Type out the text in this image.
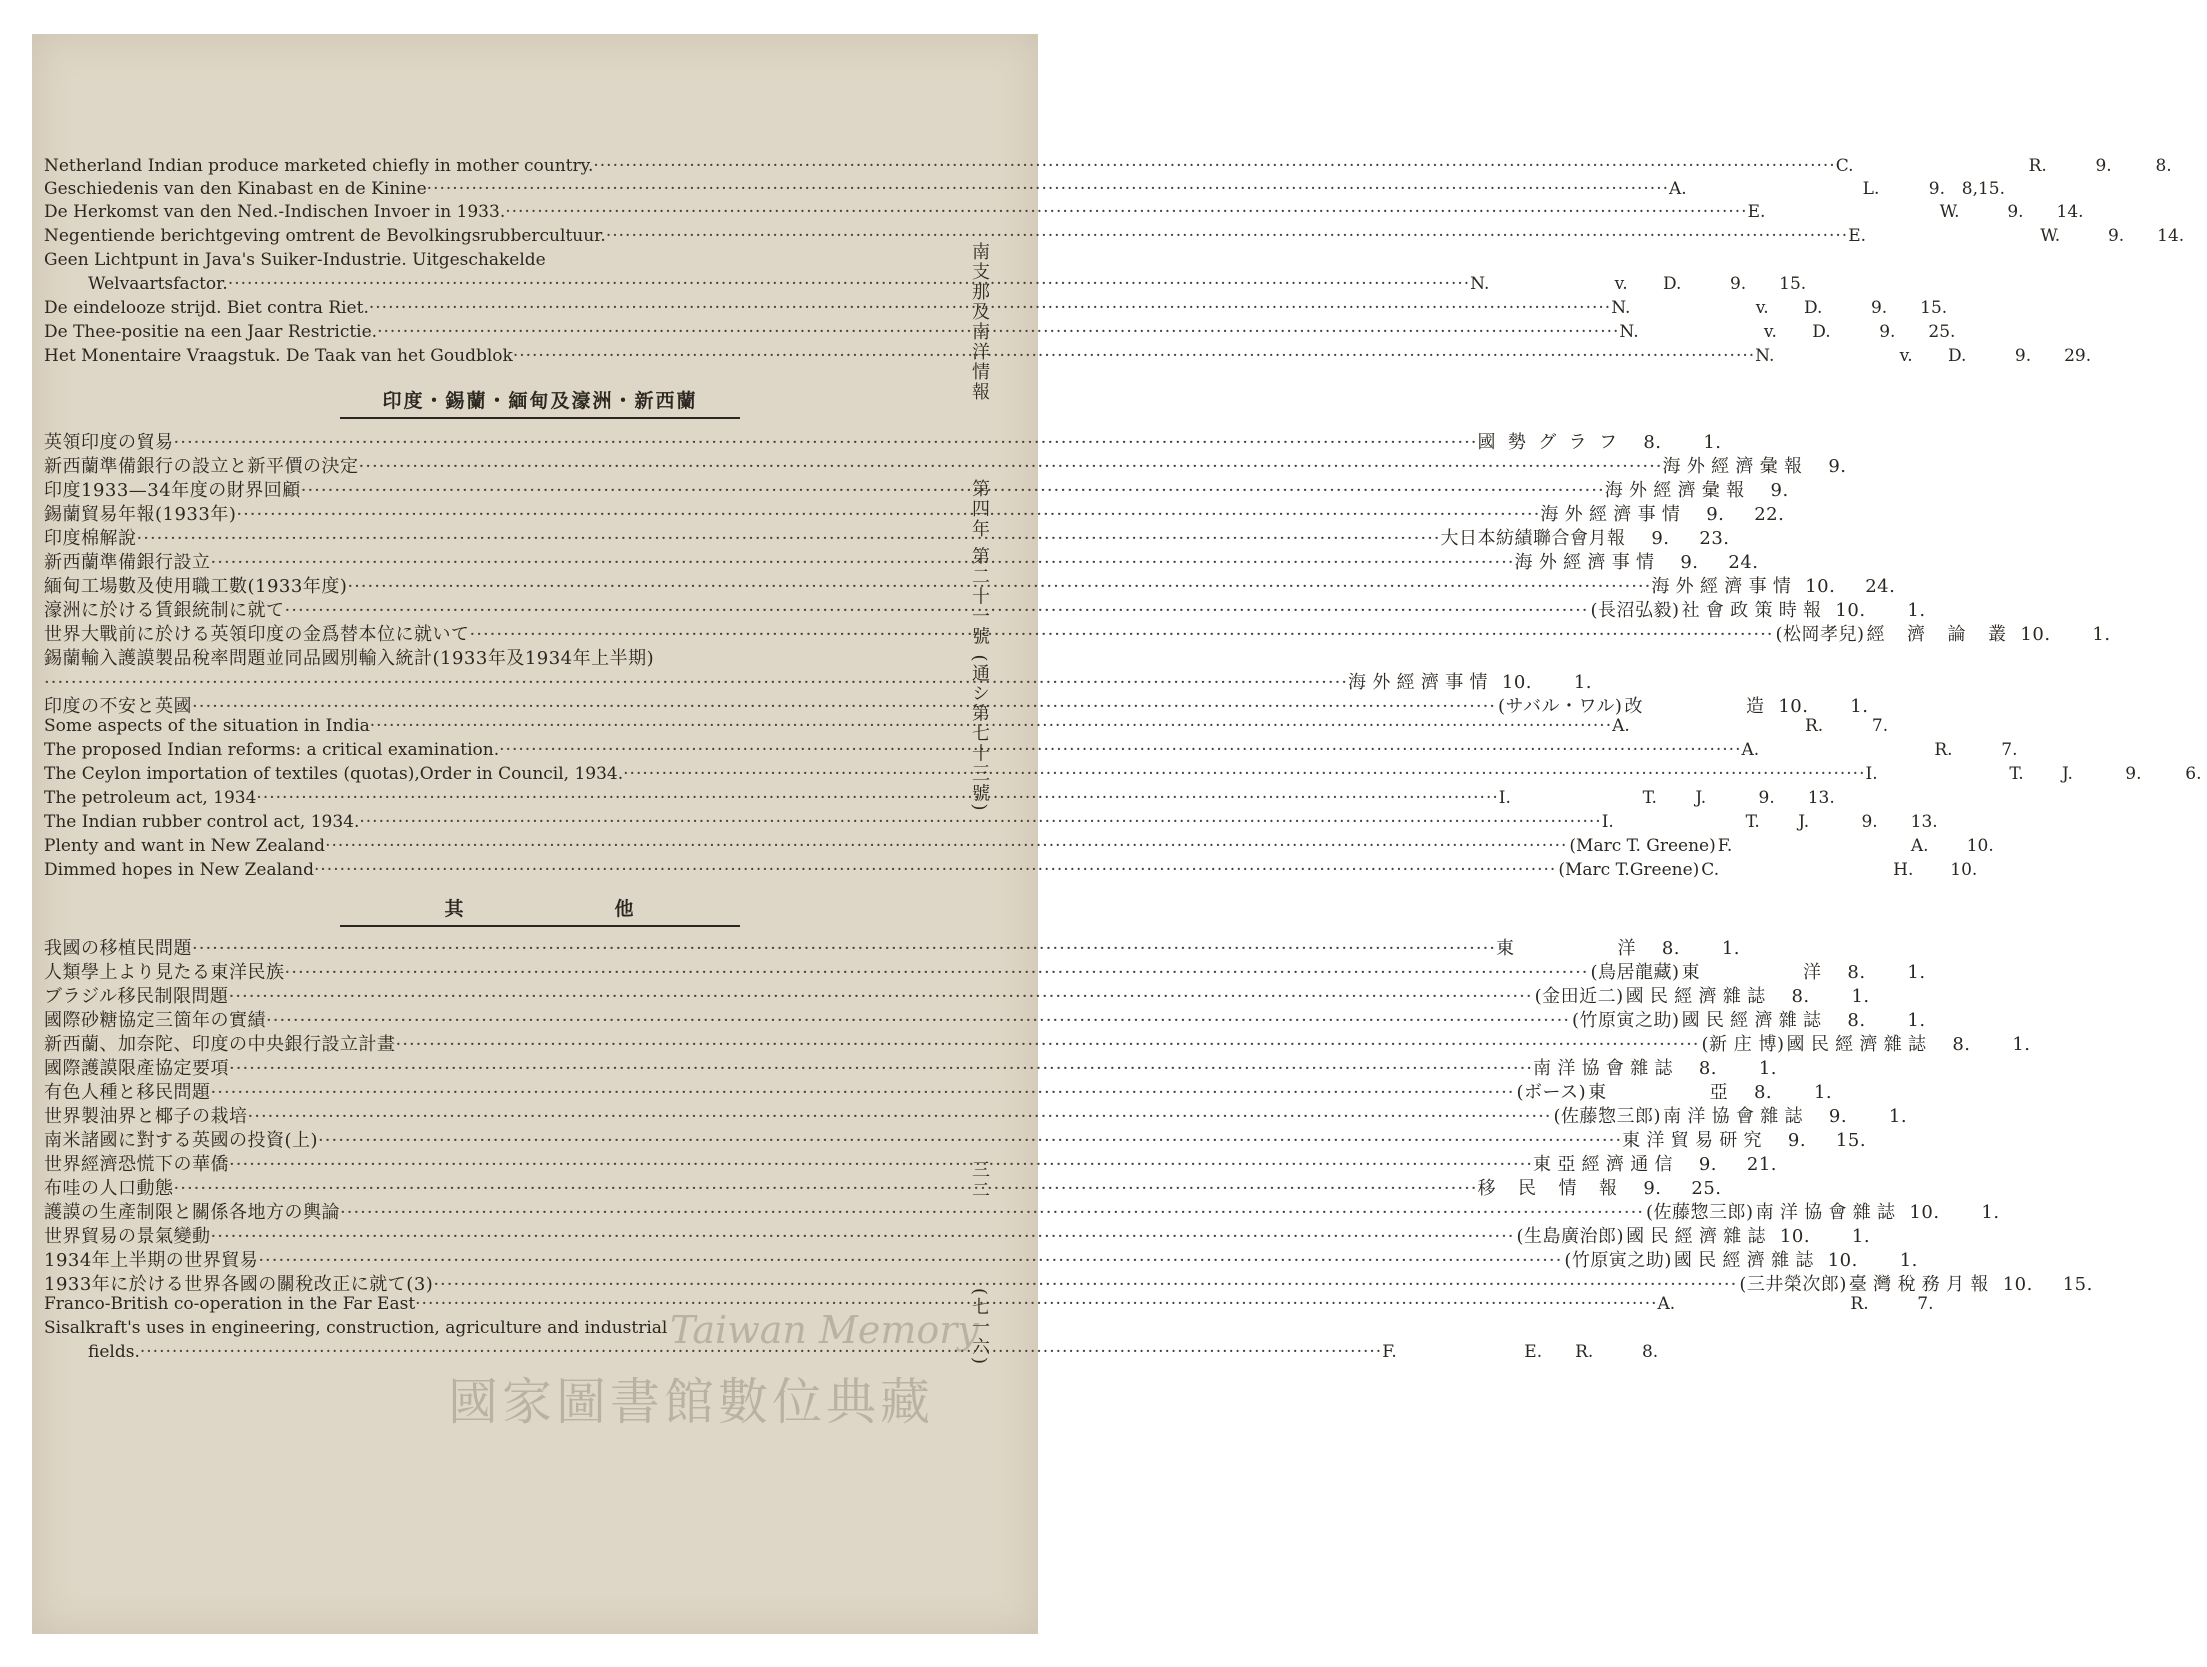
Netherland Indian produce marketed chiefly in mother country. ·····	C.	R.	9.	8.
Geschiedenis van den Kinabast en de Kinine ·····	A.	L.	9. 8,15.
De Herkomst van den Ned.-Indischen Invoer in 1933. ·····	E.	W.	9.	14.
Negentiende berichtgeving omtrent de Bevolkingsrubbercultuur. ·····	E.	W.	9.	14.
Geen Lichtpunt in Java's Suiker-Industrie. Uitgeschakelde
Welvaartsfactor. ·····	N.	v.	D.	9.	15.
De eindelooze strijd. Biet contra Riet. ·····	N.	v.	D.	9.	15.
De Thee-positie na een Jaar Restrictie. ·····	N.	v.	D.	9.	25.
Het Monentaire Vraagstuk. De Taak van het Goudblok ·····	N.	v.	D.	9.	29.
英領印度の貿易 ·····	國勢グラフ	8.	1.
新西蘭準備銀行の設立と新平價の決定 ·····	海外經濟彙報	9.
印度1933—34年度の財界回顧 ·····	海外經濟彙報	9.
錫蘭貿易年報(1933年) ·····	海外經濟事情	9.	22.
印度棉解說 ·····	大日本紡績聯合會月報	9.	23.
新西蘭準備銀行設立 ·····	海外經濟事情	9.	24.
緬甸工場數及使用職工數(1933年度) ·····	海外經濟事情 10.	24.
濠洲に於ける賃銀統制に就て ·····	(長沼弘毅) 社會政策時報 10.	1.
世界大戰前に於ける英領印度の金爲替本位に就いて ·····	(松岡孝兒) 經 濟 論 叢 10.	1.
錫蘭輸入護謨製品稅率問題並同品國別輸入統計(1933年及1934年上半期)
·····
海外經濟事情 10.	1.
印度の不安と英國 ·····	(サバル・ワル) 改 造 10.	1.
Some aspects of the situation in India ·····	A.	R.	7.
The proposed Indian reforms: a critical examination. ·····	A.	R.	7.
The Ceylon importation of textiles (quotas),Order in Council, 1934. ·····	I.	T.	J.	9.	6.
The petroleum act, 1934 ·····	I.	T.	J.	9.	13.
The Indian rubber control act, 1934. ·····	I.	T.	J.	9.	13.
Plenty and want in New Zealand ·····	(Marc T. Greene) F.	A.	10.
Dimmed hopes in New Zealand ·····	(Marc T.Greene) C.	H.	10.
我國の移植民問題 ·····	東 洋	8.	1.
人類學上より見たる東洋民族 ·····	(鳥居龍藏) 東 洋	8.	1.
ブラジル移民制限問題 ·····	(金田近二) 國民經濟雜誌	8.	1.
國際砂糖協定三箇年の實績 ·····	(竹原寅之助) 國民經濟雜誌	8.	1.
新西蘭、加奈陀、印度の中央銀行設立計畫 ·····	(新 庄 博) 國民經濟雜誌	8.	1.
國際護謨限產協定要項 ·····	南洋協會雜誌	8.	1.
有色人種と移民問題 ·····	(ボース) 東 亞	8.	1.
世界製油界と椰子の栽培 ·····	(佐藤惣三郎) 南洋協會雜誌	9.	1.
南米諸國に對する英國の投資(上) ·····	東洋貿易研究	9.	15.
世界經濟恐慌下の華僑 ·····	東亞經濟通信	9.	21.
布哇の人口動態 ·····	移 民 情 報	9.	25.
護謨の生產制限と關係各地方の輿論 ·····	(佐藤惣三郎) 南洋協會雜誌 10.	1.
世界貿易の景氣變動 ·····	(生島廣治郎) 國民經濟雜誌 10.	1.
1934年上半期の世界貿易 ·····	(竹原寅之助) 國民經濟雜誌 10.	1.
1933年に於ける世界各國の關稅改正に就て(3) ·····	(三井榮次郎) 臺灣稅務月報 10.	15.
Franco-British co-operation in the Far East ·····	A.	R.	7.
Sisalkraft's uses in engineering, construction, agriculture and industrial
fields. ·····	F.	E.	R.	8.
印度・錫蘭・緬甸及濠洲・新西蘭
其	他
南支那及南洋情報
第四年 第二十一號 (通シ第七十三號)
三二
(七一六)
Taiwan Memory
國家圖書館數位典藏
